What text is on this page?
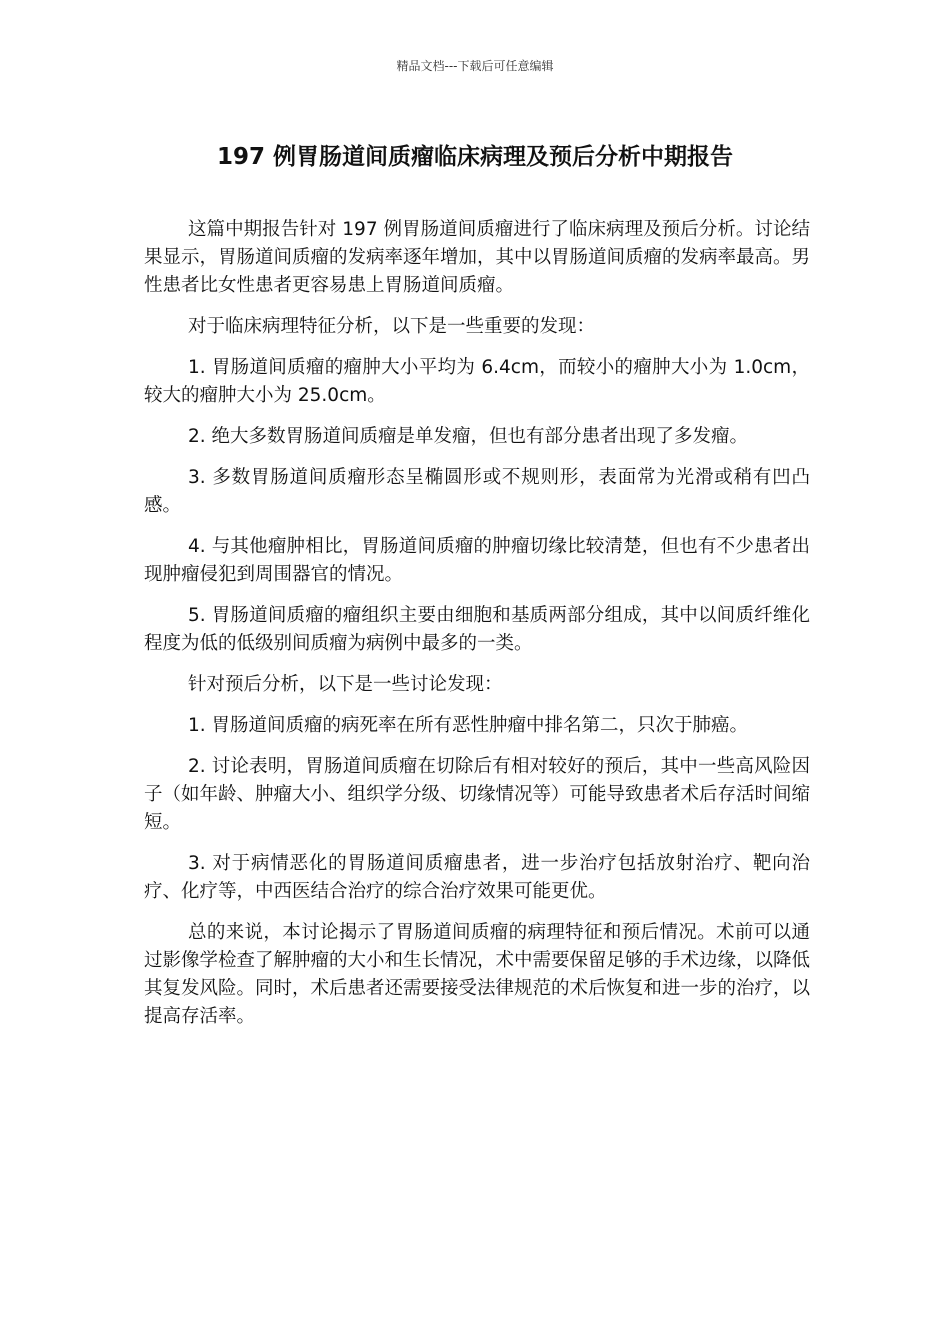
精品文档---下载后可任意编辑
197 例胃肠道间质瘤临床病理及预后分析中期报告

这篇中期报告针对 197 例胃肠道间质瘤进行了临床病理及预后分析。讨论结果显示，胃肠道间质瘤的发病率逐年增加，其中以胃肠道间质瘤的发病率最高。男性患者比女性患者更容易患上胃肠道间质瘤。

对于临床病理特征分析，以下是一些重要的发现：

1. 胃肠道间质瘤的瘤肿大小平均为 6.4cm，而较小的瘤肿大小为 1.0cm，较大的瘤肿大小为 25.0cm。

2. 绝大多数胃肠道间质瘤是单发瘤，但也有部分患者出现了多发瘤。

3. 多数胃肠道间质瘤形态呈椭圆形或不规则形，表面常为光滑或稍有凹凸感。

4. 与其他瘤肿相比，胃肠道间质瘤的肿瘤切缘比较清楚，但也有不少患者出现肿瘤侵犯到周围器官的情况。

5. 胃肠道间质瘤的瘤组织主要由细胞和基质两部分组成，其中以间质纤维化程度为低的低级别间质瘤为病例中最多的一类。

针对预后分析，以下是一些讨论发现：

1. 胃肠道间质瘤的病死率在所有恶性肿瘤中排名第二，只次于肺癌。

2. 讨论表明，胃肠道间质瘤在切除后有相对较好的预后，其中一些高风险因子（如年龄、肿瘤大小、组织学分级、切缘情况等）可能导致患者术后存活时间缩短。

3. 对于病情恶化的胃肠道间质瘤患者，进一步治疗包括放射治疗、靶向治疗、化疗等，中西医结合治疗的综合治疗效果可能更优。

总的来说，本讨论揭示了胃肠道间质瘤的病理特征和预后情况。术前可以通过影像学检查了解肿瘤的大小和生长情况，术中需要保留足够的手术边缘，以降低其复发风险。同时，术后患者还需要接受法律规范的术后恢复和进一步的治疗，以提高存活率。
